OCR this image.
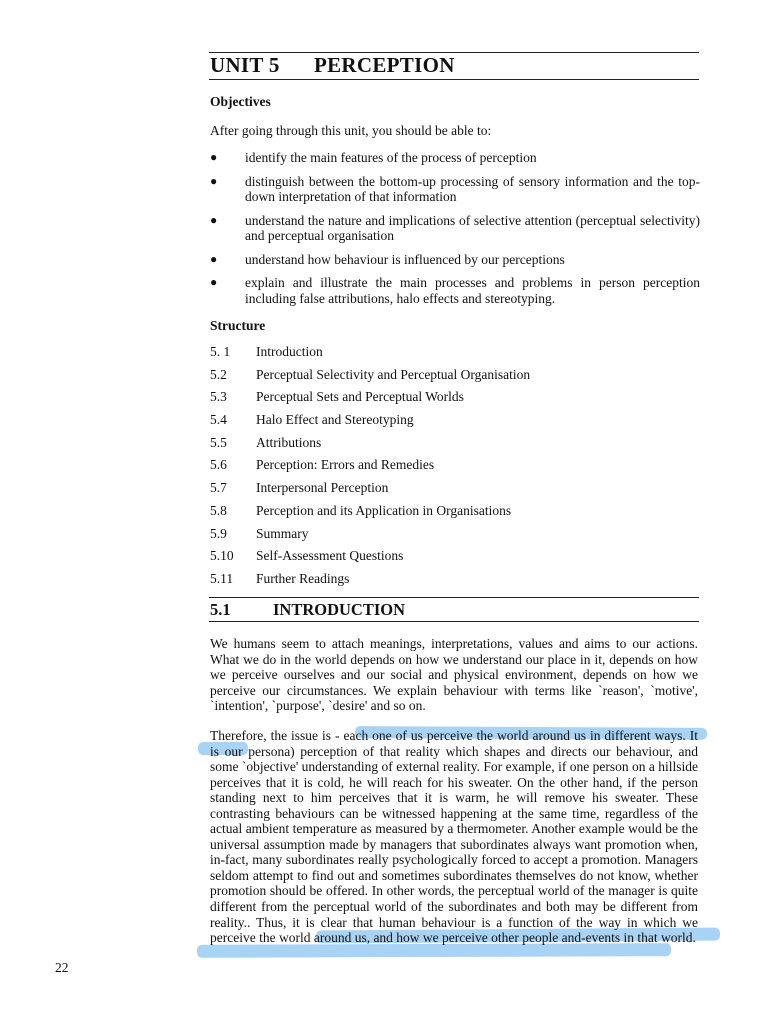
UNIT 5 PERCEPTION
Objectives
After going through this unit, you should be able to:
● identify the main features of the process of perception
● distinguish between the bottom-up processing of sensory information and the top-down interpretation of that information
● understand the nature and implications of selective attention (perceptual selectivity) and perceptual organisation
● understand how behaviour is influenced by our perceptions
● explain and illustrate the main processes and problems in person perception including false attributions, halo effects and stereotyping.
Structure
5. 1 Introduction
5.2 Perceptual Selectivity and Perceptual Organisation
5.3 Perceptual Sets and Perceptual Worlds
5.4 Halo Effect and Stereotyping
5.5 Attributions
5.6 Perception: Errors and Remedies
5.7 Interpersonal Perception
5.8 Perception and its Application in Organisations
5.9 Summary
5.10 Self-Assessment Questions
5.11 Further Readings
5.1	INTRODUCTION
We humans seem to attach meanings, interpretations, values and aims to our actions. What we do in the world depends on how we understand our place in it, depends on how we perceive ourselves and our social and physical environment, depends on how we perceive our circumstances. We explain behaviour with terms like `reason', `motive', `intention', `purpose', `desire' and so on.
Therefore, the issue is - each one of us perceive the world around us in different ways. It is our persona) perception of that reality which shapes and directs our behaviour, and some `objective' understanding of external reality. For example, if one person on a hillside perceives that it is cold, he will reach for his sweater. On the other hand, if the person standing next to him perceives that it is warm, he will remove his sweater. These contrasting behaviours can be witnessed happening at the same time, regardless of the actual ambient temperature as measured by a thermometer. Another example would be the universal assumption made by managers that subordinates always want promotion when, in-fact, many subordinates really psychologically forced to accept a promotion. Managers seldom attempt to find out and sometimes subordinates themselves do not know, whether promotion should be offered. In other words, the perceptual world of the manager is quite different from the perceptual world of the subordinates and both may be different from reality.. Thus, it is clear that human behaviour is a function of the way in which we perceive the world around us, and how we perceive other people and-events in that world.
22
